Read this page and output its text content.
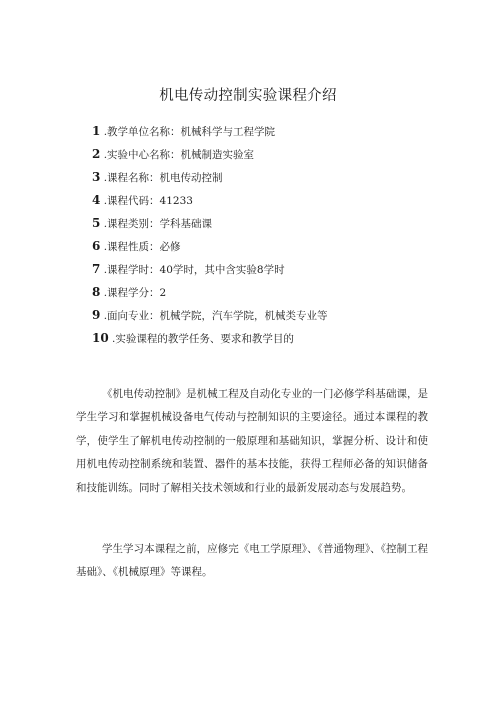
机电传动控制实验课程介绍
1 .教学单位名称：机械科学与工程学院
2 .实验中心名称：机械制造实验室
3 .课程名称：机电传动控制
4 .课程代码：41233
5 .课程类别：学科基础课
6 .课程性质：必修
7 .课程学时：40学时，其中含实验8学时
8 .课程学分：2
9 .面向专业：机械学院，汽车学院，机械类专业等
10 .实验课程的教学任务、要求和教学目的

《机电传动控制》是机械工程及自动化专业的一门必修学科基础课，是学生学习和掌握机械设备电气传动与控制知识的主要途径。通过本课程的教学，使学生了解机电传动控制的一般原理和基础知识，掌握分析、设计和使用机电传动控制系统和装置、器件的基本技能，获得工程师必备的知识储备和技能训练。同时了解相关技术领域和行业的最新发展动态与发展趋势。

学生学习本课程之前，应修完《电工学原理》、《普通物理》、《控制工程基础》、《机械原理》等课程。
